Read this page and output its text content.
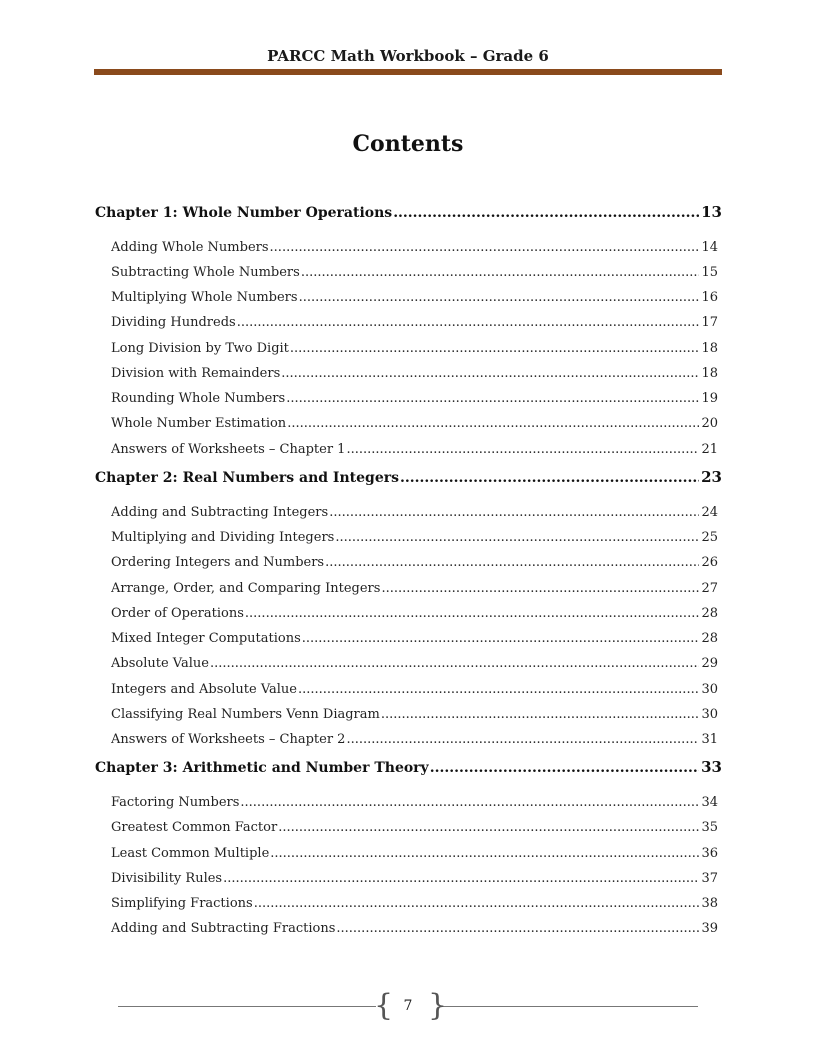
PARCC Math Workbook – Grade 6
Contents
Chapter 1: Whole Number Operations .....	13
Adding Whole Numbers .....	14
Subtracting Whole Numbers .....	15
Multiplying Whole Numbers .....	16
Dividing Hundreds .....	17
Long Division by Two Digit .....	18
Division with Remainders .....	18
Rounding Whole Numbers .....	19
Whole Number Estimation .....	20
Answers of Worksheets – Chapter 1 .....	21
Chapter 2: Real Numbers and Integers .....	23
Adding and Subtracting Integers .....	24
Multiplying and Dividing Integers .....	25
Ordering Integers and Numbers .....	26
Arrange, Order, and Comparing Integers .....	27
Order of Operations .....	28
Mixed Integer Computations .....	28
Absolute Value .....	29
Integers and Absolute Value .....	30
Classifying Real Numbers Venn Diagram .....	30
Answers of Worksheets – Chapter 2 .....	31
Chapter 3: Arithmetic and Number Theory .....	33
Factoring Numbers .....	34
Greatest Common Factor .....	35
Least Common Multiple .....	36
Divisibility Rules .....	37
Simplifying Fractions .....	38
Adding and Subtracting Fractions .....	39
{ }
7
